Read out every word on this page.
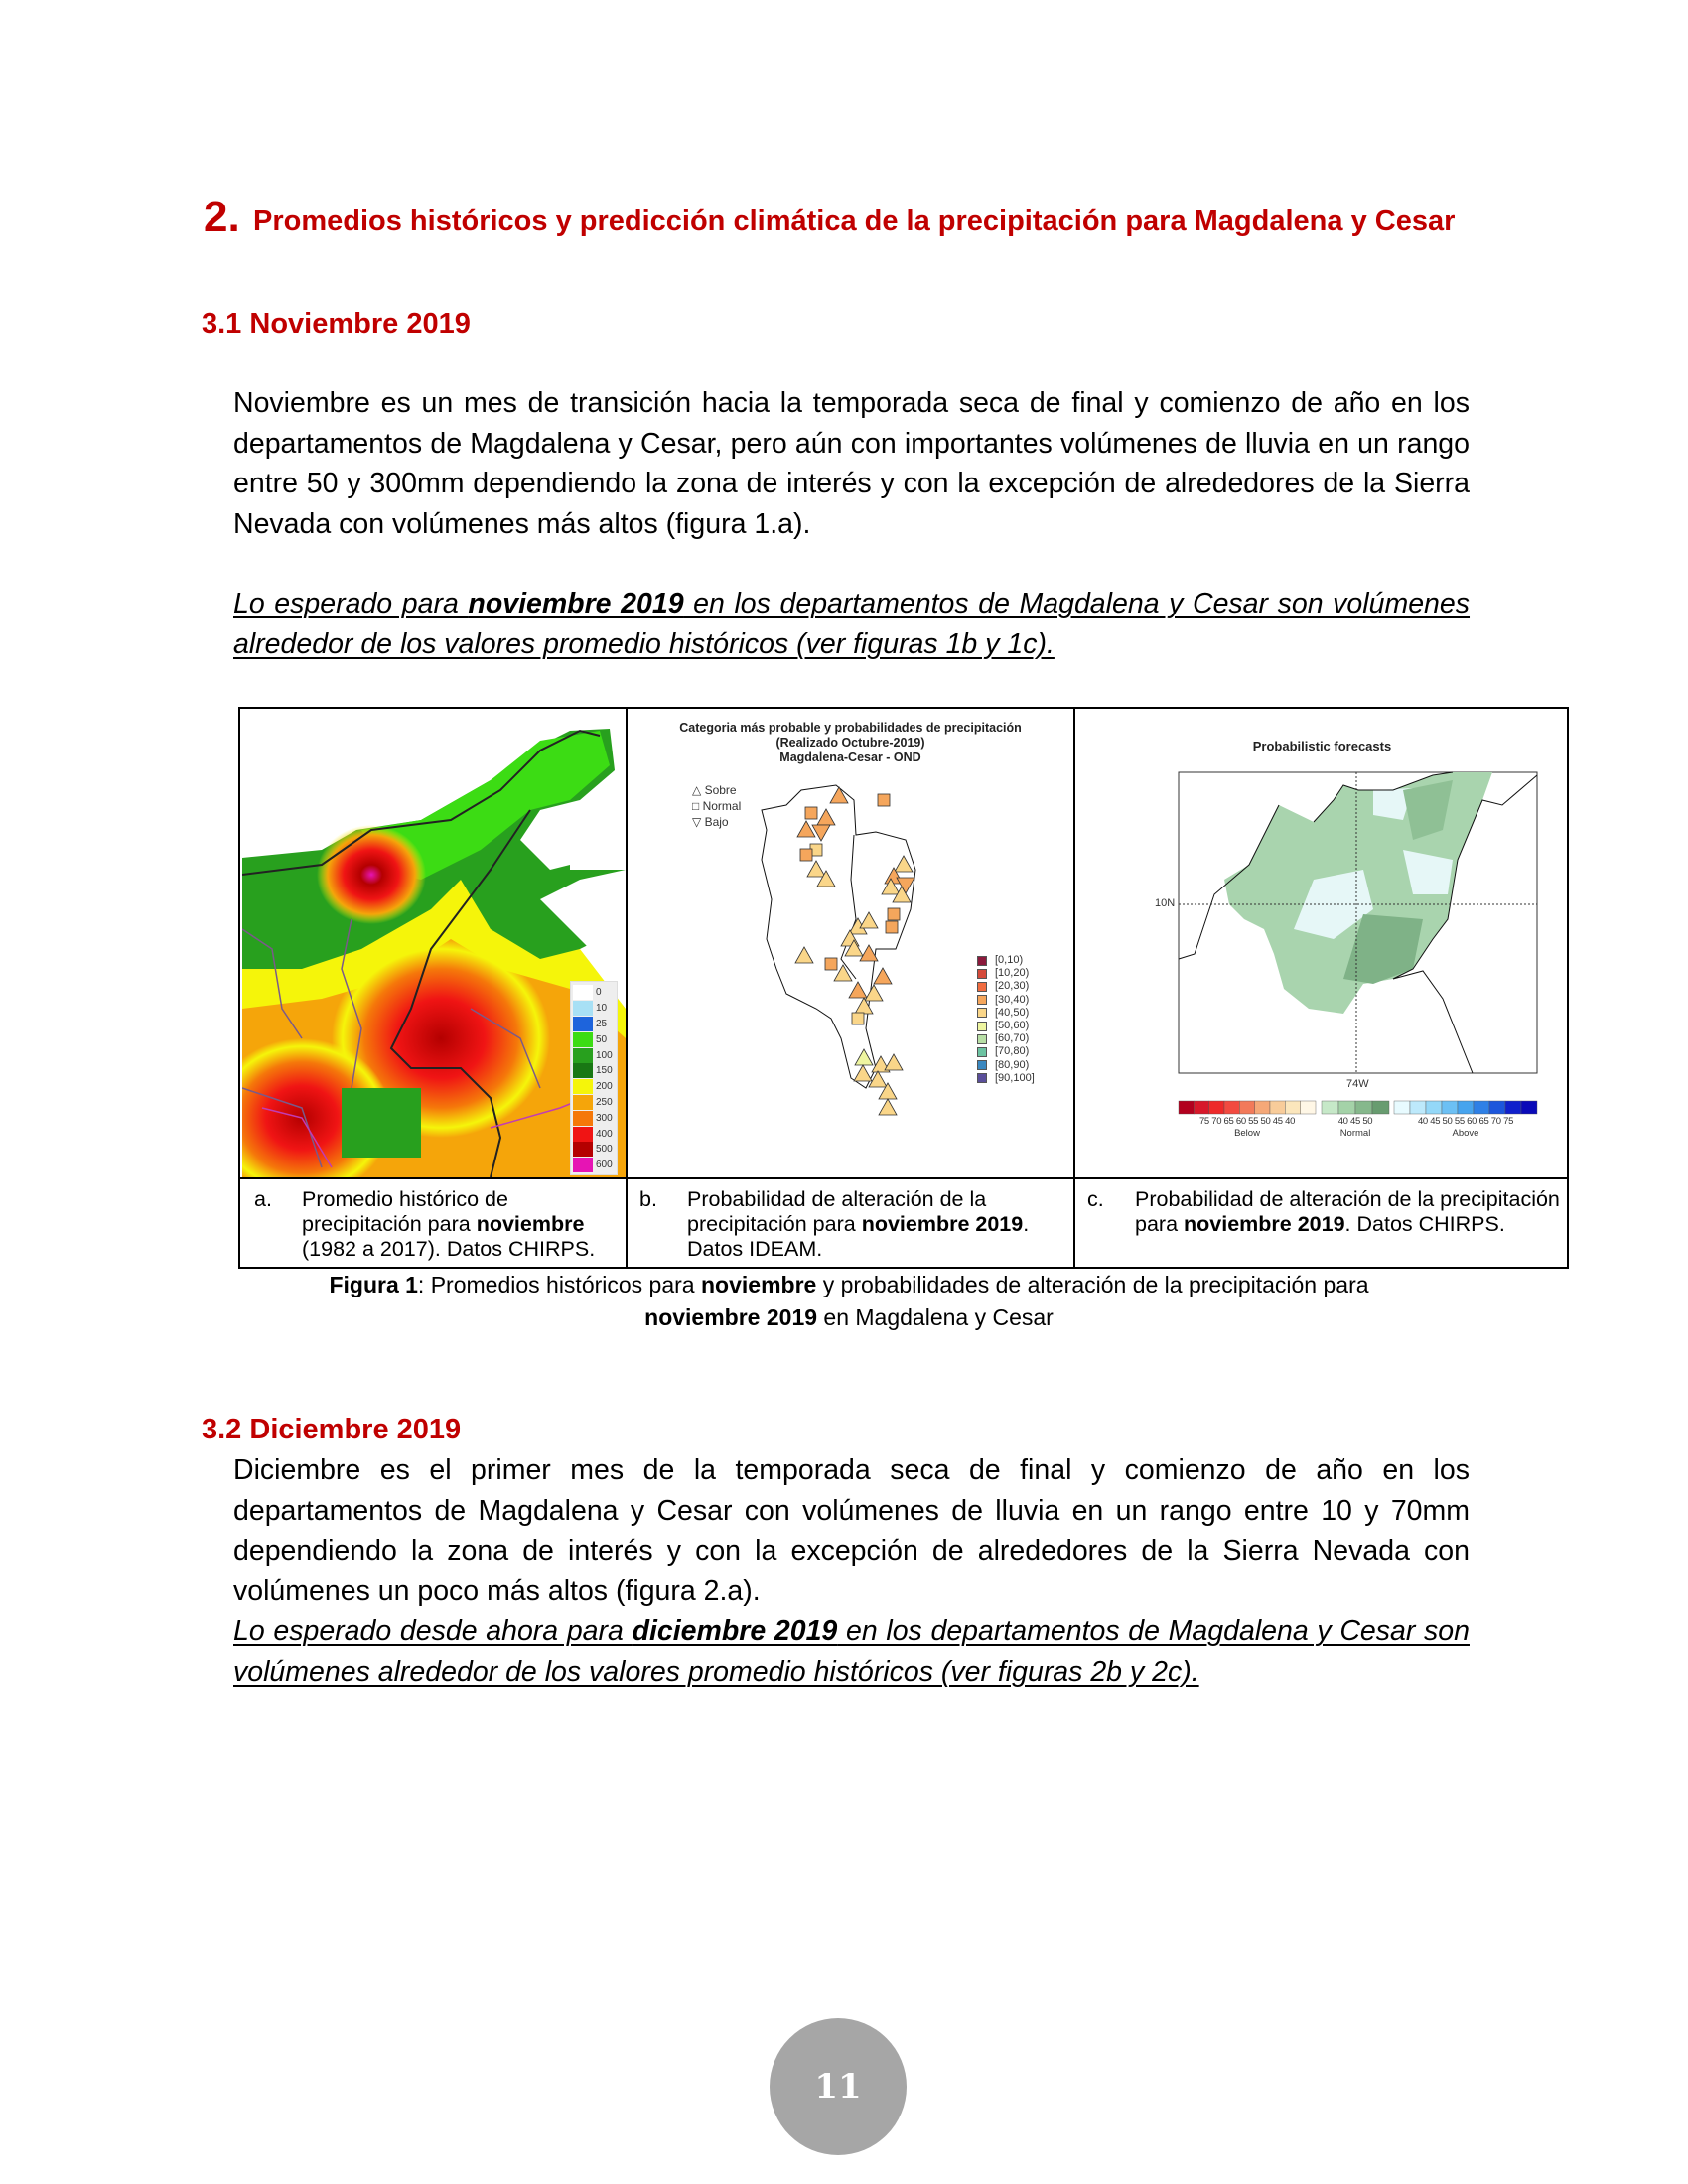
2. Promedios históricos y predicción climática de la precipitación para Magdalena y Cesar
3.1 Noviembre 2019

Noviembre es un mes de transición hacia la temporada seca de final y comienzo de año en los departamentos de Magdalena y Cesar, pero aún con importantes volúmenes de lluvia en un rango entre 50 y 300mm dependiendo la zona de interés y con la excepción de alrededores de la Sierra Nevada con volúmenes más altos (figura 1.a).

Lo esperado para noviembre 2019 en los departamentos de Magdalena y Cesar son volúmenes alrededor de los valores promedio históricos (ver figuras 1b y 1c).

0
10
25
50
100
150
200
250
300
400
500
600
Categoria más probable y probabilidades de precipitación
(Realizado Octubre-2019)
Magdalena-Cesar - OND
△ Sobre
□ Normal
▽ Bajo
[0,10)
[10,20)
[20,30)
[30,40)
[40,50)
[50,60)
[60,70)
[70,80)
[80,90)
[90,100]
Probabilistic forecasts
10N
74W
75 70 65 60 55 50 45 40
Below
40 45 50
Normal
40 45 50 55 60 65 70 75
Above
a. Promedio histórico de precipitación para noviembre (1982 a 2017). Datos CHIRPS.
b. Probabilidad de alteración de la precipitación para noviembre 2019. Datos IDEAM.
c. Probabilidad de alteración de la precipitación para noviembre 2019. Datos CHIRPS.
Figura 1: Promedios históricos para noviembre y probabilidades de alteración de la precipitación para noviembre 2019 en Magdalena y Cesar
3.2 Diciembre 2019

Diciembre es el primer mes de la temporada seca de final y comienzo de año en los departamentos de Magdalena y Cesar con volúmenes de lluvia en un rango entre 10 y 70mm dependiendo la zona de interés y con la excepción de alrededores de la Sierra Nevada con volúmenes un poco más altos (figura 2.a).

Lo esperado desde ahora para diciembre 2019 en los departamentos de Magdalena y Cesar son volúmenes alrededor de los valores promedio históricos (ver figuras 2b y 2c).

11
